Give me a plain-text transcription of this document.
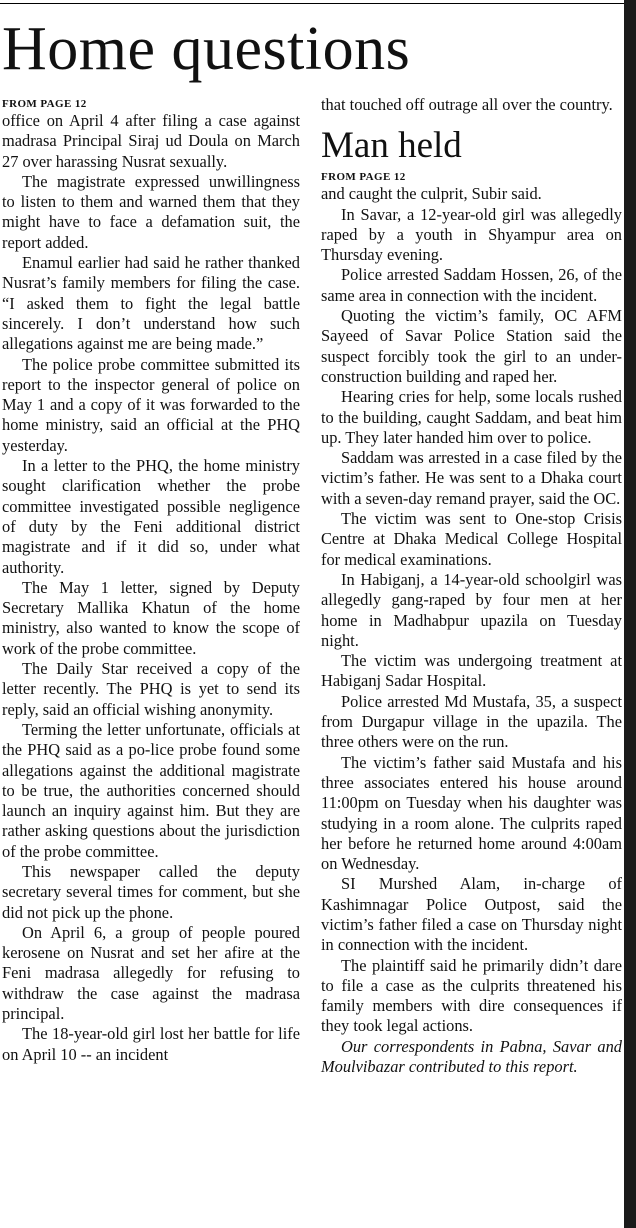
Home questions
FROM PAGE 12

office on April 4 after filing a case against madrasa Principal Siraj ud Doula on March 27 over harassing Nusrat sexually.

The magistrate expressed unwillingness to listen to them and warned them that they might have to face a defamation suit, the report added.

Enamul earlier had said he rather thanked Nusrat’s family members for filing the case. “I asked them to fight the legal battle sincerely. I don’t understand how such allegations against me are being made.”

The police probe committee submitted its report to the inspector general of police on May 1 and a copy of it was forwarded to the home ministry, said an official at the PHQ yesterday.

In a letter to the PHQ, the home ministry sought clarification whether the probe committee investigated possible negligence of duty by the Feni additional district magistrate and if it did so, under what authority.

The May 1 letter, signed by Deputy Secretary Mallika Khatun of the home ministry, also wanted to know the scope of work of the probe committee.

The Daily Star received a copy of the letter recently. The PHQ is yet to send its reply, said an official wishing anonymity.

Terming the letter unfortunate, officials at the PHQ said as a po-lice probe found some allegations against the additional magistrate to be true, the authorities concerned should launch an inquiry against him. But they are rather asking questions about the jurisdiction of the probe committee.

This newspaper called the deputy secretary several times for comment, but she did not pick up the phone.

On April 6, a group of people poured kerosene on Nusrat and set her afire at the Feni madrasa allegedly for refusing to withdraw the case against the madrasa principal.

The 18-year-old girl lost her battle for life on April 10 -- an incident

that touched off outrage all over the country.

Man held
FROM PAGE 12

and caught the culprit, Subir said.

In Savar, a 12-year-old girl was allegedly raped by a youth in Shyampur area on Thursday evening.

Police arrested Saddam Hossen, 26, of the same area in connection with the incident.

Quoting the victim’s family, OC AFM Sayeed of Savar Police Station said the suspect forcibly took the girl to an under-construction building and raped her.

Hearing cries for help, some locals rushed to the building, caught Saddam, and beat him up. They later handed him over to police.

Saddam was arrested in a case filed by the victim’s father. He was sent to a Dhaka court with a seven-day remand prayer, said the OC.

The victim was sent to One-stop Crisis Centre at Dhaka Medical College Hospital for medical examinations.

In Habiganj, a 14-year-old schoolgirl was allegedly gang-raped by four men at her home in Madhabpur upazila on Tuesday night.

The victim was undergoing treatment at Habiganj Sadar Hospital.

Police arrested Md Mustafa, 35, a suspect from Durgapur village in the upazila. The three others were on the run.

The victim’s father said Mustafa and his three associates entered his house around 11:00pm on Tuesday when his daughter was studying in a room alone. The culprits raped her before he returned home around 4:00am on Wednesday.

SI Murshed Alam, in-charge of Kashimnagar Police Outpost, said the victim’s father filed a case on Thursday night in connection with the incident.

The plaintiff said he primarily didn’t dare to file a case as the culprits threatened his family members with dire consequences if they took legal actions.

Our correspondents in Pabna, Savar and Moulvibazar contributed to this report.
